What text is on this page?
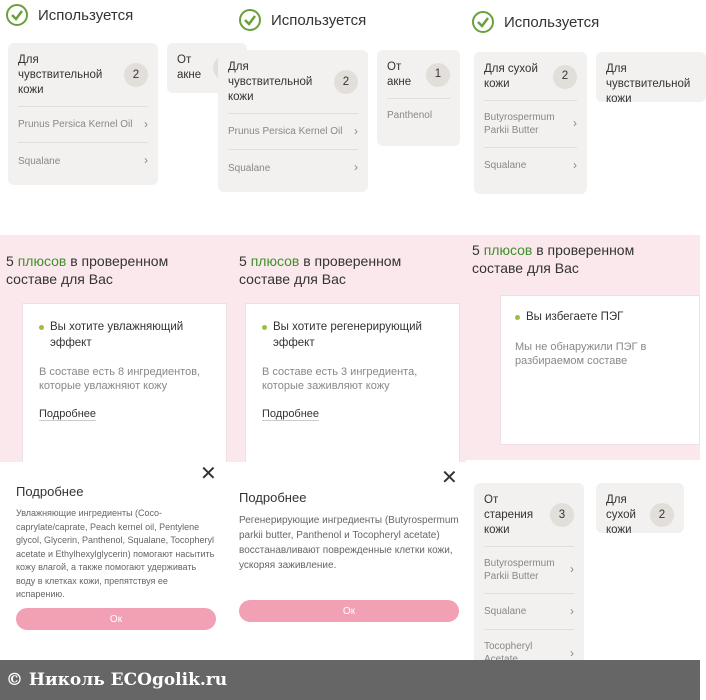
Используется
Для чувствительной кожи
2
Prunus Persica Kernel Oil ›
Squalane	›
От акне
Используется
Для чувствительной кожи
2
Prunus Persica Kernel Oil ›
Squalane	›
От акне
1
Panthenol
Используется
Для сухой кожи
2
Butyrospermum Parkii Butter
›
Squalane	›
Для чувствительной кожи
5 плюсов в проверенном
составе для Вас
Вы хотите увлажняющий эффект
В составе есть 8 ингредиентов, которые увлажняют кожу
Подробнее
5 плюсов в проверенном
составе для Вас
Вы хотите регенерирующий эффект
В составе есть 3 ингредиента, которые заживляют кожу
Подробнее
5 плюсов в проверенном
составе для Вас
Вы избегаете ПЭГ
Мы не обнаружили ПЭГ в разбираемом составе
✕
Подробнее
Увлажняющие ингредиенты (Coco-caprylate/caprate, Peach kernel oil, Pentylene glycol, Glycerin, Panthenol, Squalane, Tocopheryl acetate и Ethylhexylglycerin) помогают насытить кожу влагой, а также помогают удерживать воду в клетках кожи, препятствуя ее испарению.
Ок
✕
Подробнее
Регенерирующие ингредиенты (Butyrospermum parkii butter, Panthenol и Tocopheryl acetate) восстанавливают поврежденные клетки кожи, ускоряя заживление.
Ок
От старения кожи
3
Butyrospermum Parkii Butter
›
Squalane	›
Tocopheryl	›
Для сухой кожи
2
© Николь ECOgolik.ru
